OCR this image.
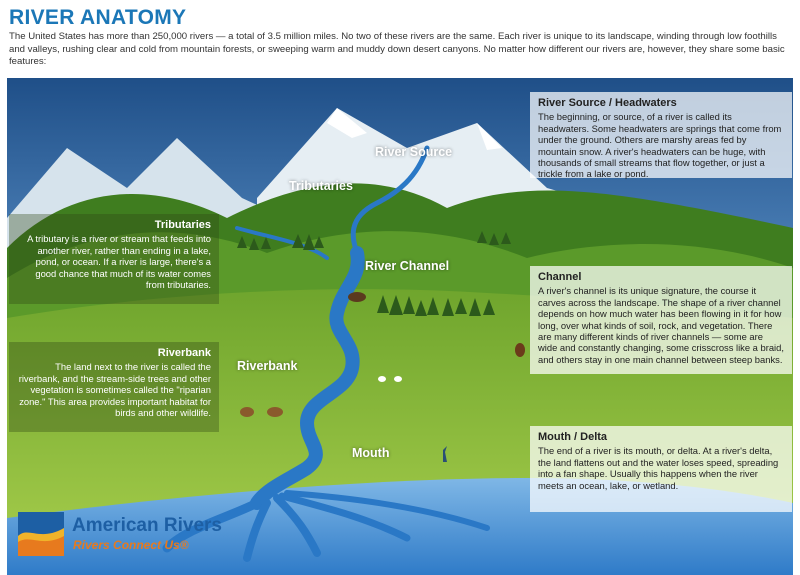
RIVER ANATOMY

The United States has more than 250,000 rivers — a total of 3.5 million miles. No two of these rivers are the same. Each river is unique to its landscape, winding through low foothills and valleys, rushing clear and cold from mountain forests, or sweeping warm and muddy down desert canyons. No matter how different our rivers are, however, they share some basic features:

River Source / Headwaters

The beginning, or source, of a river is called its headwaters. Some headwaters are springs that come from under the ground. Others are marshy areas fed by mountain snow. A river's headwaters can be huge, with thousands of small streams that flow together, or just a trickle from a lake or pond.

Tributaries

A tributary is a river or stream that feeds into another river, rather than ending in a lake, pond, or ocean. If a river is large, there's a good chance that much of its water comes from tributaries.

Channel

A river's channel is its unique signature, the course it carves across the landscape. The shape of a river channel depends on how much water has been flowing in it for how long, over what kinds of soil, rock, and vegetation. There are many different kinds of river channels — some are wide and constantly changing, some crisscross like a braid, and others stay in one main channel between steep banks.

Riverbank

The land next to the river is called the riverbank, and the stream-side trees and other vegetation is sometimes called the "riparian zone." This area provides important habitat for birds and other wildlife.

Mouth / Delta

The end of a river is its mouth, or delta. At a river's delta, the land flattens out and the water loses speed, spreading into a fan shape. Usually this happens when the river meets an ocean, lake, or wetland.

River Source
Tributaries
River Channel
Riverbank
Mouth
American Rivers
Rivers Connect Us®
